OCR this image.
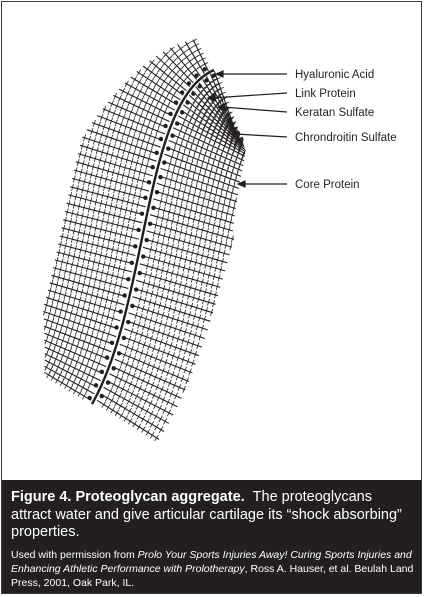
Hyaluronic Acid
Link Protein
Keratan Sulfate
Chrondroitin Sulfate
Core Protein

Figure 4. Proteoglycan aggregate. The proteoglycans attract water and give articular cartilage its “shock absorbing” properties.

Used with permission from Prolo Your Sports Injuries Away! Curing Sports Injuries and Enhancing Athletic Performance with Prolotherapy, Ross A. Hauser, et al. Beulah Land Press, 2001, Oak Park, IL.
